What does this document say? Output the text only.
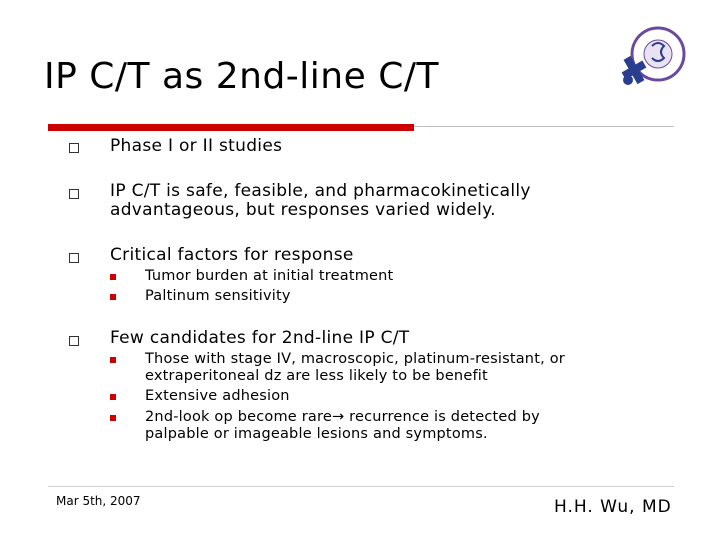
IP C/T as 2nd-line C/T
Phase I or II studies
IP C/T is safe, feasible, and pharmacokinetically
advantageous, but responses varied widely.
Critical factors for response
Tumor burden at initial treatment
Paltinum sensitivity
Few candidates for 2nd-line IP C/T
Those with stage IV, macroscopic, platinum-resistant, or
extraperitoneal dz are less likely to be benefit
Extensive adhesion
2nd-look op become rare→ recurrence is detected by
palpable or imageable lesions and symptoms.
Mar 5th, 2007	H.H. Wu, MD
